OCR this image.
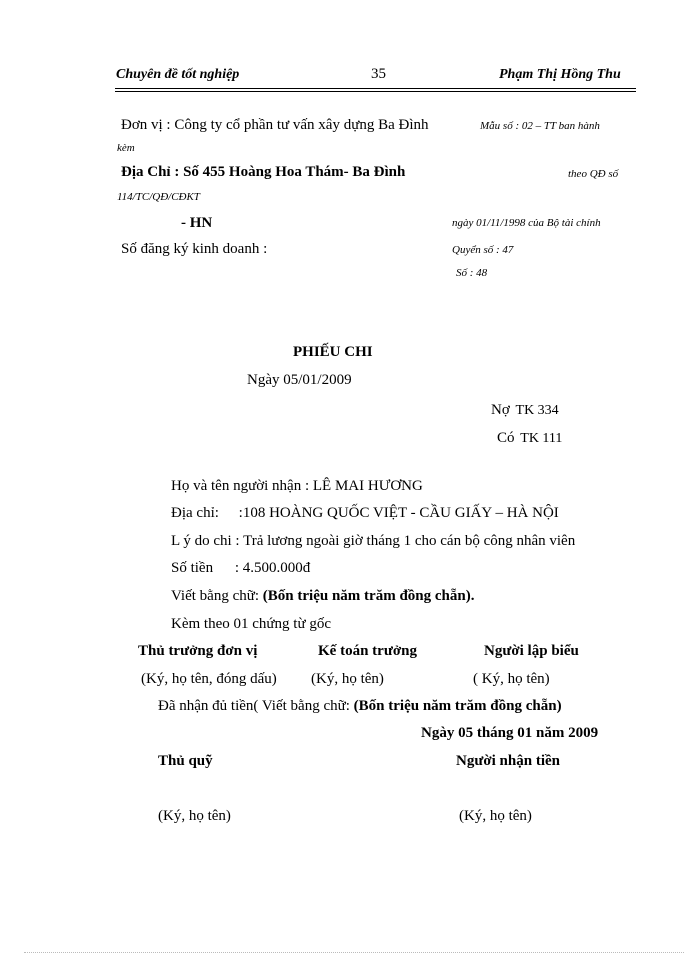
Chuyên đề tốt nghiệp	35	Phạm Thị Hồng Thu
Đơn vị : Công ty cổ phần tư vấn xây dựng Ba Đình	Mẫu số : 02 – TT ban hành
kèm
Địa Chỉ : Số 455 Hoàng Hoa Thám- Ba Đình	theo QĐ số
114/TC/QĐ/CĐKT
- HN	ngày 01/11/1998 của Bộ tài chính
Số đăng ký kinh doanh :	Quyển số : 47
Số : 48
PHIẾU CHI
Ngày 05/01/2009
Nợ TK 334
Có TK 111
Họ và tên người nhận : LÊ MAI HƯƠNG
Địa chỉ: :108 HOÀNG QUỐC VIỆT - CẦU GIẤY – HÀ NỘI
L ý do chi : Trả lương ngoài giờ tháng 1 cho cán bộ công nhân viên
Số tiền : 4.500.000đ
Viết bằng chữ: (Bốn triệu năm trăm đồng chẵn).
Kèm theo 01 chứng từ gốc
Thủ trưởng đơn vị	Kế toán trưởng	Người lập biểu
(Ký, họ tên, đóng dấu) (Ký, họ tên)	( Ký, họ tên)
Đã nhận đủ tiền( Viết bằng chữ: (Bốn triệu năm trăm đồng chẵn)
Ngày 05 tháng 01 năm 2009
Thủ quỹ	Người nhận tiền
(Ký, họ tên)	(Ký, họ tên)
